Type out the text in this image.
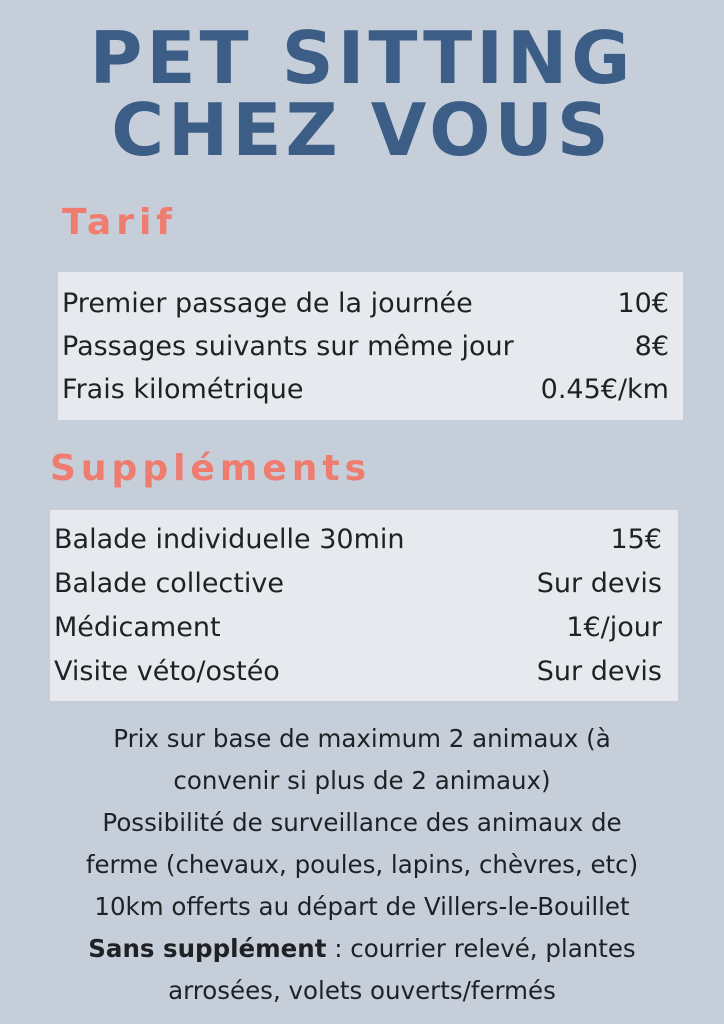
PET SITTING
CHEZ VOUS
Tarif
Premier passage de la journée	10€
Passages suivants sur même jour	8€
Frais kilométrique	0.45€/km
Suppléments
Balade individuelle 30min	15€
Balade collective	Sur devis
Médicament	1€/jour
Visite véto/ostéo	Sur devis
Prix sur base de maximum 2 animaux (à
convenir si plus de 2 animaux)
Possibilité de surveillance des animaux de
ferme (chevaux, poules, lapins, chèvres, etc)
10km offerts au départ de Villers-le-Bouillet
Sans supplément : courrier relevé, plantes
arrosées, volets ouverts/fermés
